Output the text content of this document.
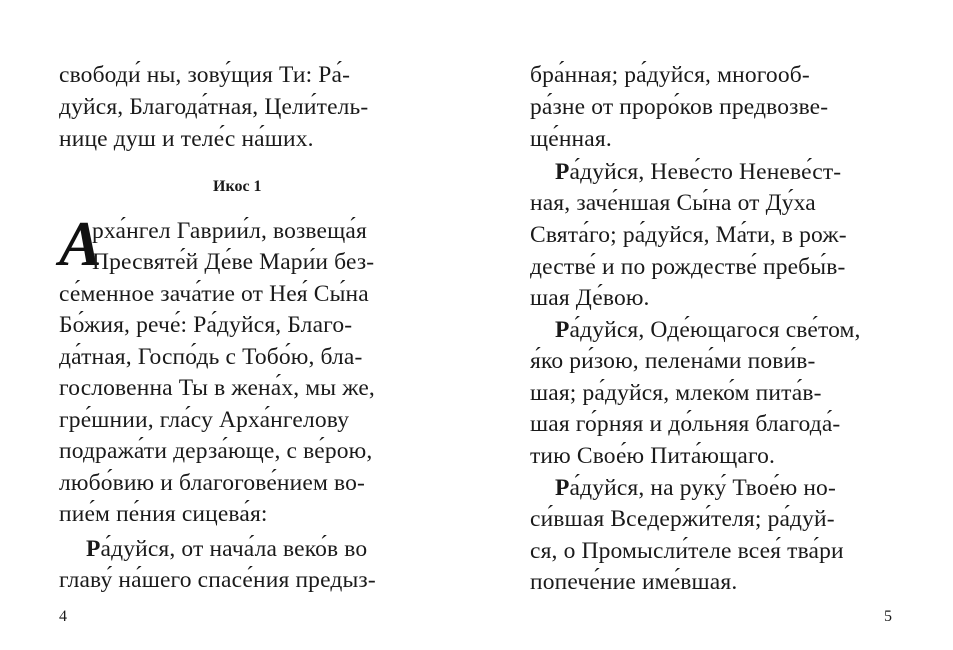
свободи́ ны, зову́щия Ти: Ра́-
дуйся, Благода́тная, Цели́тель-
нице душ и теле́с на́ших.
Икос 1
А
рха́нгел Гаврии́л, возвеща́я
Пресвяте́й Де́ве Мари́и без-
се́менное зача́тие от Нея́ Сы́на
Бо́жия, рече́: Ра́дуйся, Благо-
да́тная, Госпо́дь с Тобо́ю, бла-
гословенна Ты в жена́х, мы же,
гре́шнии, гла́су Арха́нгелову
подража́ти дерза́юще, с ве́рою,
любо́вию и благогове́нием во-
пие́м пе́ния сицева́я:
Ра́дуйся, от нача́ла веко́в во
главу́ на́шего спасе́ния предыз-
4
бра́нная; ра́дуйся, многооб-
ра́зне от проро́ков предвозве-
ще́нная.
Ра́дуйся, Неве́сто Неневе́ст-
ная, заче́ншая Сы́на от Ду́ха
Свята́го; ра́дуйся, Ма́ти, в рож-
дестве́ и по рождестве́ пребы́в-
шая Де́вою.
Ра́дуйся, Оде́ющагося све́том,
я́ко ри́зою, пелена́ми пови́в-
шая; ра́дуйся, млеко́м пита́в-
шая го́рняя и до́льняя благода́-
тию Свое́ю Пита́ющаго.
Ра́дуйся, на руку́ Твое́ю но-
си́вшая Вседержи́теля; ра́дуй-
ся, о Промысли́теле всея́ тва́ри
попече́ние име́вшая.
5
